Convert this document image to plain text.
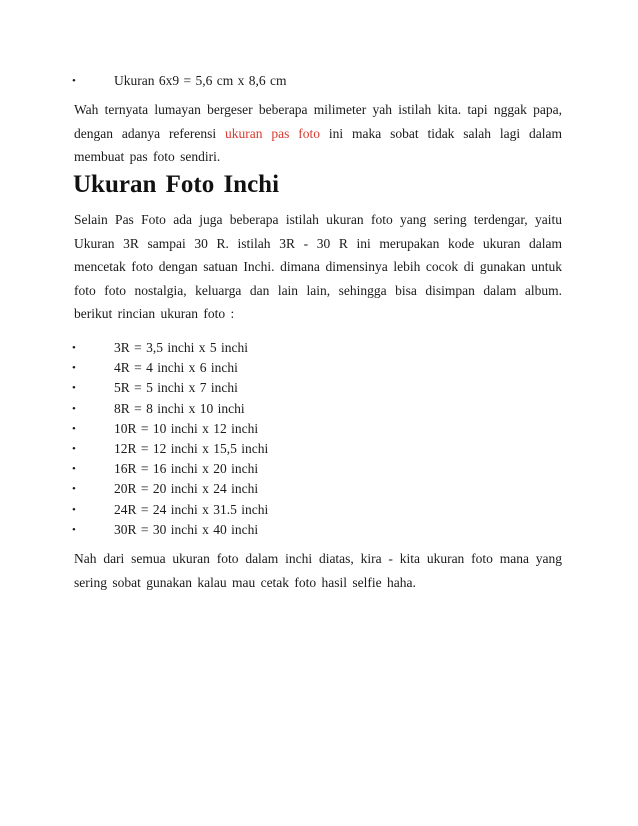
•	Ukuran 6x9 = 5,6 cm x 8,6 cm

Wah ternyata lumayan bergeser beberapa milimeter yah istilah kita. tapi nggak papa, dengan adanya referensi ukuran pas foto ini maka sobat tidak salah lagi dalam membuat pas foto sendiri.

Ukuran Foto Inchi

Selain Pas Foto ada juga beberapa istilah ukuran foto yang sering terdengar, yaitu Ukuran 3R sampai 30 R. istilah 3R - 30 R ini merupakan kode ukuran dalam mencetak foto dengan satuan Inchi. dimana dimensinya lebih cocok di gunakan untuk foto foto nostalgia, keluarga dan lain lain, sehingga bisa disimpan dalam album. berikut rincian ukuran foto :

•	3R = 3,5 inchi x 5 inchi
•	4R = 4 inchi x 6 inchi
•	5R = 5 inchi x 7 inchi
•	8R = 8 inchi x 10 inchi
•	10R = 10 inchi x 12 inchi
•	12R = 12 inchi x 15,5 inchi
•	16R = 16 inchi x 20 inchi
•	20R = 20 inchi x 24 inchi
•	24R = 24 inchi x 31.5 inchi
•	30R = 30 inchi x 40 inchi

Nah dari semua ukuran foto dalam inchi diatas, kira - kita ukuran foto mana yang sering sobat gunakan kalau mau cetak foto hasil selfie haha.
